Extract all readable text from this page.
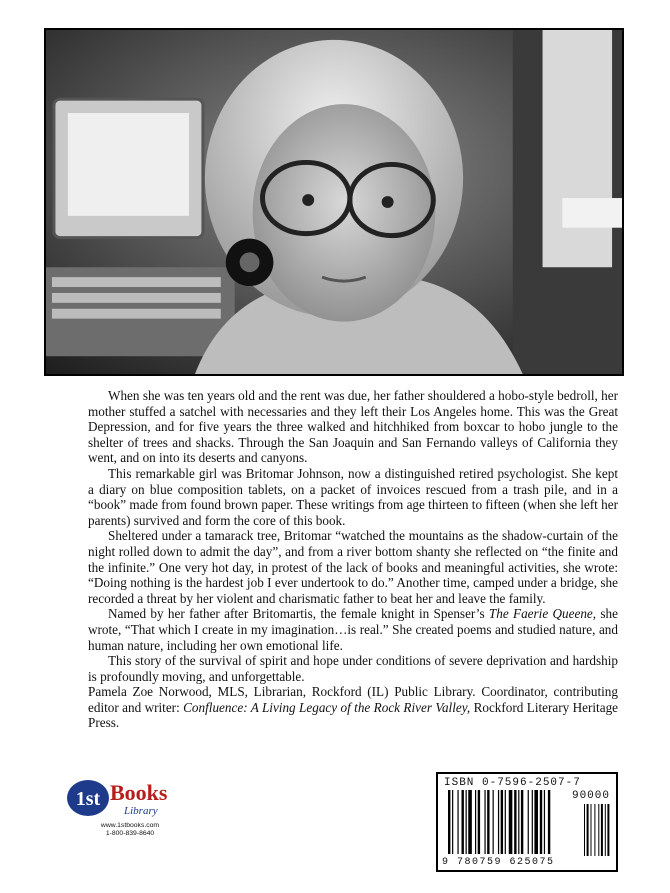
When she was ten years old and the rent was due, her father shouldered a hobo-style bedroll, her mother stuffed a satchel with necessaries and they left their Los Angeles home. This was the Great Depression, and for five years the three walked and hitchhiked from boxcar to hobo jungle to the shelter of trees and shacks. Through the San Joaquin and San Fernando valleys of California they went, and on into its deserts and canyons.

This remarkable girl was Britomar Johnson, now a distinguished retired psychologist. She kept a diary on blue composition tablets, on a packet of invoices rescued from a trash pile, and in a “book” made from found brown paper. These writings from age thirteen to fifteen (when she left her parents) survived and form the core of this book.

Sheltered under a tamarack tree, Britomar “watched the mountains as the shadow-curtain of the night rolled down to admit the day”, and from a river bottom shanty she reflected on “the finite and the infinite.” One very hot day, in protest of the lack of books and meaningful activities, she wrote: “Doing nothing is the hardest job I ever undertook to do.” Another time, camped under a bridge, she recorded a threat by her violent and charismatic father to beat her and leave the family.

Named by her father after Britomartis, the female knight in Spenser’s The Faerie Queene, she wrote, “That which I create in my imagination…is real.” She created poems and studied nature, and human nature, including her own emotional life.

This story of the survival of spirit and hope under conditions of severe deprivation and hardship is profoundly moving, and unforgettable.

Pamela Zoe Norwood, MLS, Librarian, Rockford (IL) Public Library. Coordinator, contributing editor and writer: Confluence: A Living Legacy of the Rock River Valley, Rockford Literary Heritage Press.

1st Books
Library
www.1stbooks.com
1-800-839-8640
ISBN 0-7596-2507-7
90000
9 780759 625075
